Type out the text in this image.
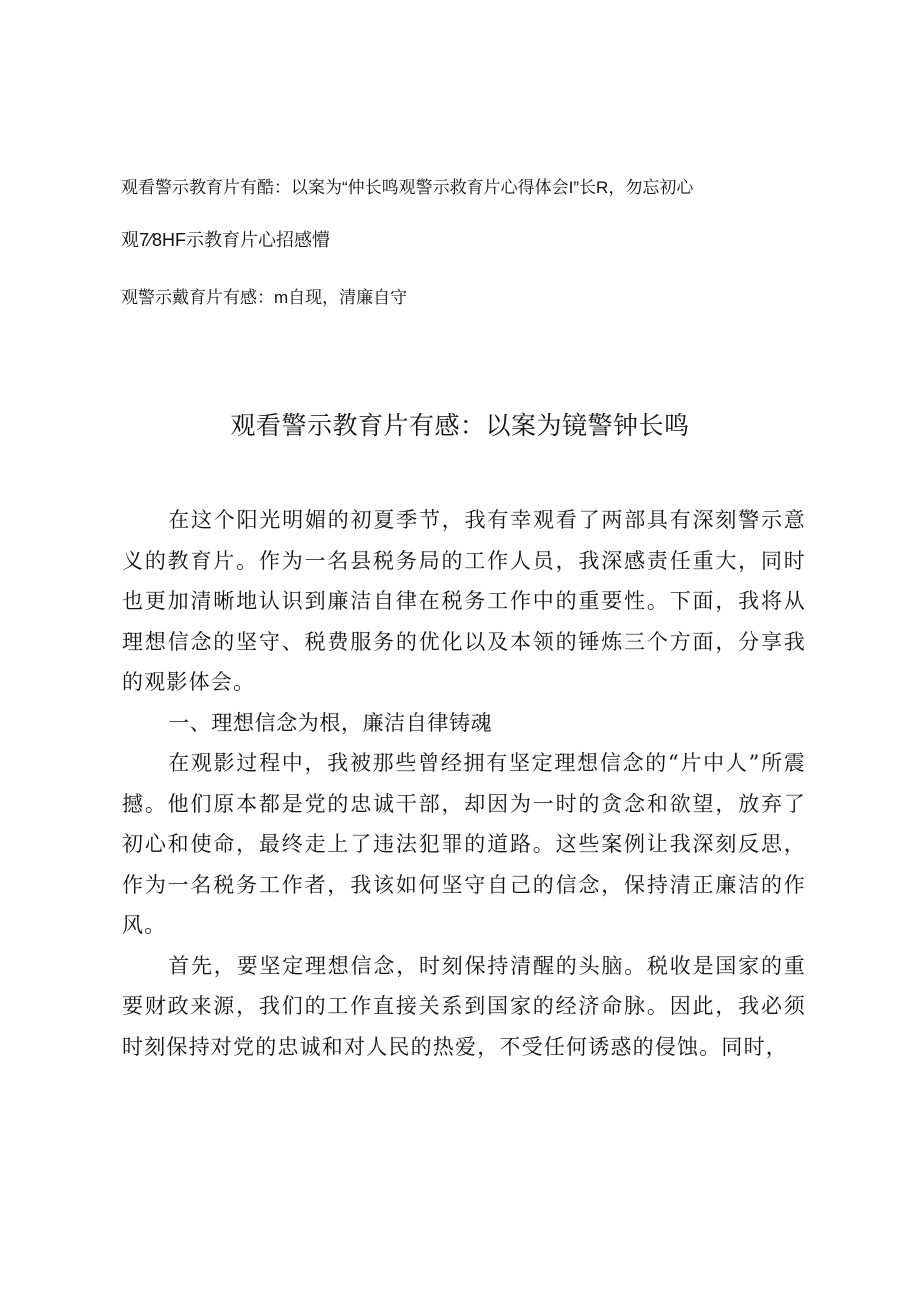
观看警示教育片有酷：以案为“仲长鸣观警示救育片心得体会I”长R，勿忘初心
观7⁄8HF示教育片心招感懵
观警示戴育片有感：m自现，清廉自守
观看警示教育片有感：以案为镜警钟长鸣

在这个阳光明媚的初夏季节，我有幸观看了两部具有深刻警示意义的教育片。作为一名县税务局的工作人员，我深感责任重大，同时也更加清晰地认识到廉洁自律在税务工作中的重要性。下面，我将从理想信念的坚守、税费服务的优化以及本领的锤炼三个方面，分享我的观影体会。

一、理想信念为根，廉洁自律铸魂

在观影过程中，我被那些曾经拥有坚定理想信念的“片中人”所震撼。他们原本都是党的忠诚干部，却因为一时的贪念和欲望，放弃了初心和使命，最终走上了违法犯罪的道路。这些案例让我深刻反思，作为一名税务工作者，我该如何坚守自己的信念，保持清正廉洁的作风。

首先，要坚定理想信念，时刻保持清醒的头脑。税收是国家的重要财政来源，我们的工作直接关系到国家的经济命脉。因此，我必须时刻保持对党的忠诚和对人民的热爱，不受任何诱惑的侵蚀。同时，
